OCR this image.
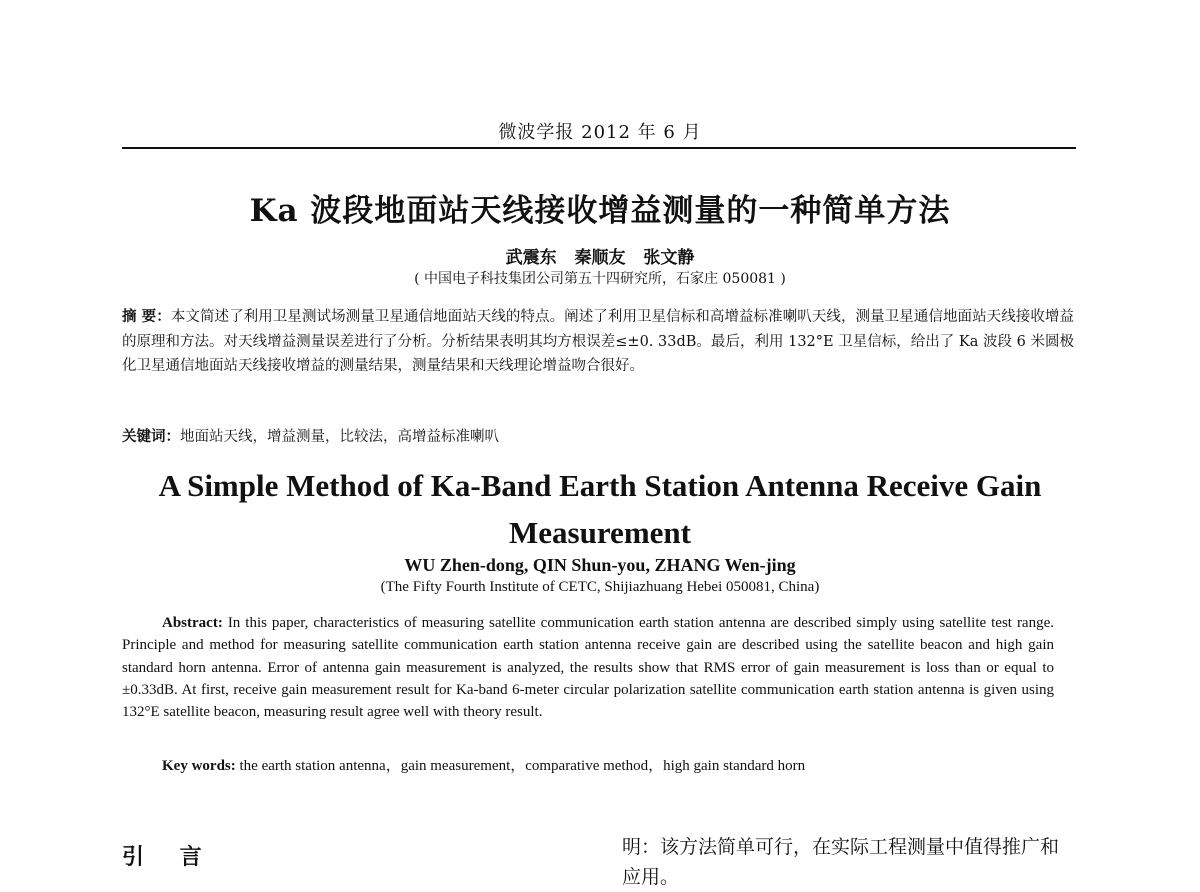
微波学报 2012 年 6 月
Ka 波段地面站天线接收增益测量的一种简单方法
武震东 秦顺友 张文静
( 中国电子科技集团公司第五十四研究所，石家庄 050081 )
摘 要：本文简述了利用卫星测试场测量卫星通信地面站天线的特点。阐述了利用卫星信标和高增益标准喇叭天线，测量卫星通信地面站天线接收增益的原理和方法。对天线增益测量误差进行了分析。分析结果表明其均方根误差≤±0. 33dB。最后，利用 132°E 卫星信标，给出了 Ka 波段 6 米圆极化卫星通信地面站天线接收增益的测量结果，测量结果和天线理论增益吻合很好。
关键词：地面站天线，增益测量，比较法，高增益标准喇叭
A Simple Method of Ka-Band Earth Station Antenna Receive Gain Measurement
WU Zhen-dong, QIN Shun-you, ZHANG Wen-jing
(The Fifty Fourth Institute of CETC, Shijiazhuang Hebei 050081, China)
Abstract: In this paper, characteristics of measuring satellite communication earth station antenna are described simply using satellite test range. Principle and method for measuring satellite communication earth station antenna receive gain are described using the satellite beacon and high gain standard horn antenna. Error of antenna gain measurement is analyzed, the results show that RMS error of gain measurement is loss than or equal to ±0.33dB. At first, receive gain measurement result for Ka-band 6-meter circular polarization satellite communication earth station antenna is given using 132°E satellite beacon, measuring result agree well with theory result.
Key words: the earth station antenna，gain measurement，comparative method，high gain standard horn
引 言	明：该方法简单可行，在实际工程测量中值得推广和应用。
